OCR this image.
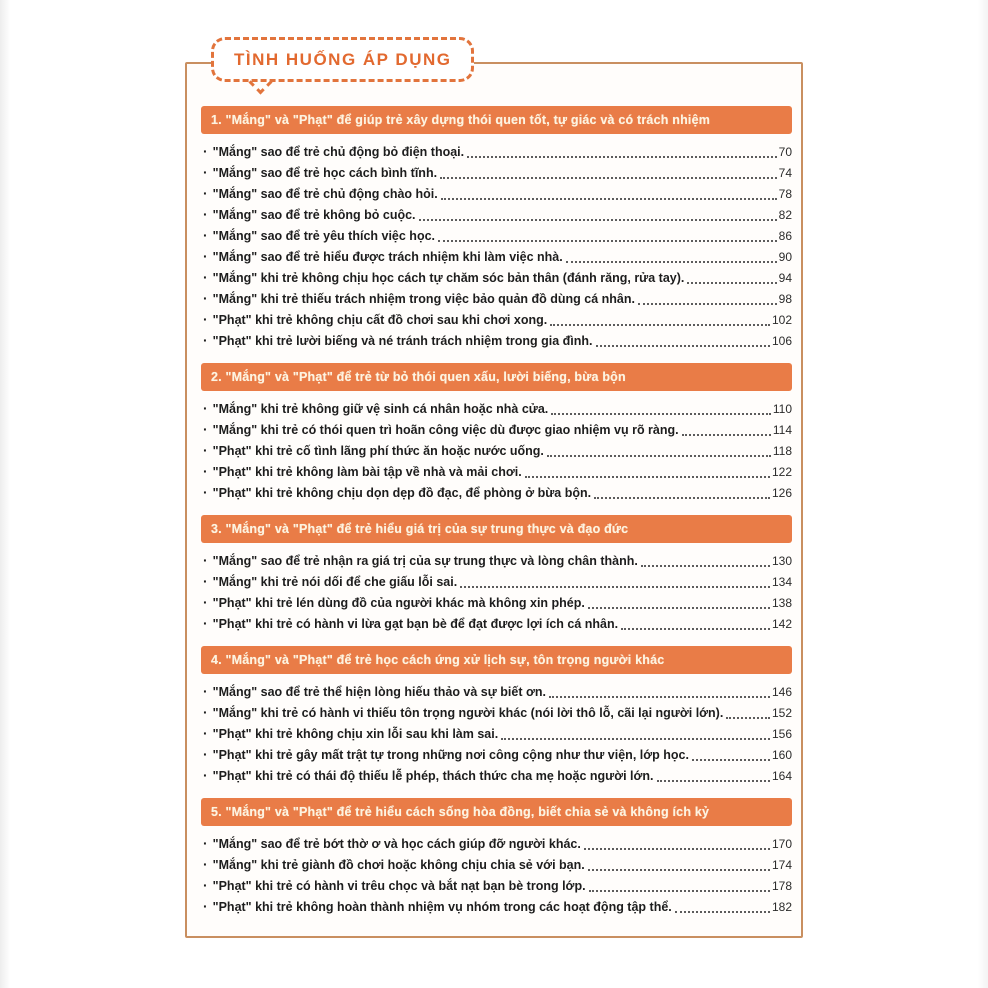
TÌNH HUỐNG ÁP DỤNG
1. "Mắng" và "Phạt" để giúp trẻ xây dựng thói quen tốt, tự giác và có trách nhiệm
· "Mắng" sao để trẻ chủ động bỏ điện thoại.	70
· "Mắng" sao để trẻ học cách bình tĩnh.	74
· "Mắng" sao để trẻ chủ động chào hỏi.	78
· "Mắng" sao để trẻ không bỏ cuộc.	82
· "Mắng" sao để trẻ yêu thích việc học.	86
· "Mắng" sao để trẻ hiểu được trách nhiệm khi làm việc nhà.	90
· "Mắng" khi trẻ không chịu học cách tự chăm sóc bản thân (đánh răng, rửa tay).	94
· "Mắng" khi trẻ thiếu trách nhiệm trong việc bảo quản đồ dùng cá nhân.	98
· "Phạt" khi trẻ không chịu cất đồ chơi sau khi chơi xong.	102
· "Phạt" khi trẻ lười biếng và né tránh trách nhiệm trong gia đình.	106
2. "Mắng" và "Phạt" để trẻ từ bỏ thói quen xấu, lười biếng, bừa bộn
· "Mắng" khi trẻ không giữ vệ sinh cá nhân hoặc nhà cửa.	110
· "Mắng" khi trẻ có thói quen trì hoãn công việc dù được giao nhiệm vụ rõ ràng.	114
· "Phạt" khi trẻ cố tình lãng phí thức ăn hoặc nước uống.	118
· "Phạt" khi trẻ không làm bài tập về nhà và mải chơi.	122
· "Phạt" khi trẻ không chịu dọn dẹp đồ đạc, để phòng ở bừa bộn.	126
3. "Mắng" và "Phạt" để trẻ hiểu giá trị của sự trung thực và đạo đức
· "Mắng" sao để trẻ nhận ra giá trị của sự trung thực và lòng chân thành.	130
· "Mắng" khi trẻ nói dối để che giấu lỗi sai.	134
· "Phạt" khi trẻ lén dùng đồ của người khác mà không xin phép.	138
· "Phạt" khi trẻ có hành vi lừa gạt bạn bè để đạt được lợi ích cá nhân.	142
4. "Mắng" và "Phạt" để trẻ học cách ứng xử lịch sự, tôn trọng người khác
· "Mắng" sao để trẻ thể hiện lòng hiếu thảo và sự biết ơn.	146
· "Mắng" khi trẻ có hành vi thiếu tôn trọng người khác (nói lời thô lỗ, cãi lại người lớn).	152
· "Phạt" khi trẻ không chịu xin lỗi sau khi làm sai.	156
· "Phạt" khi trẻ gây mất trật tự trong những nơi công cộng như thư viện, lớp học.	160
· "Phạt" khi trẻ có thái độ thiếu lễ phép, thách thức cha mẹ hoặc người lớn.	164
5. "Mắng" và "Phạt" để trẻ hiểu cách sống hòa đồng, biết chia sẻ và không ích kỷ
· "Mắng" sao để trẻ bớt thờ ơ và học cách giúp đỡ người khác.	170
· "Mắng" khi trẻ giành đồ chơi hoặc không chịu chia sẻ với bạn.	174
· "Phạt" khi trẻ có hành vi trêu chọc và bắt nạt bạn bè trong lớp.	178
· "Phạt" khi trẻ không hoàn thành nhiệm vụ nhóm trong các hoạt động tập thể.	182
